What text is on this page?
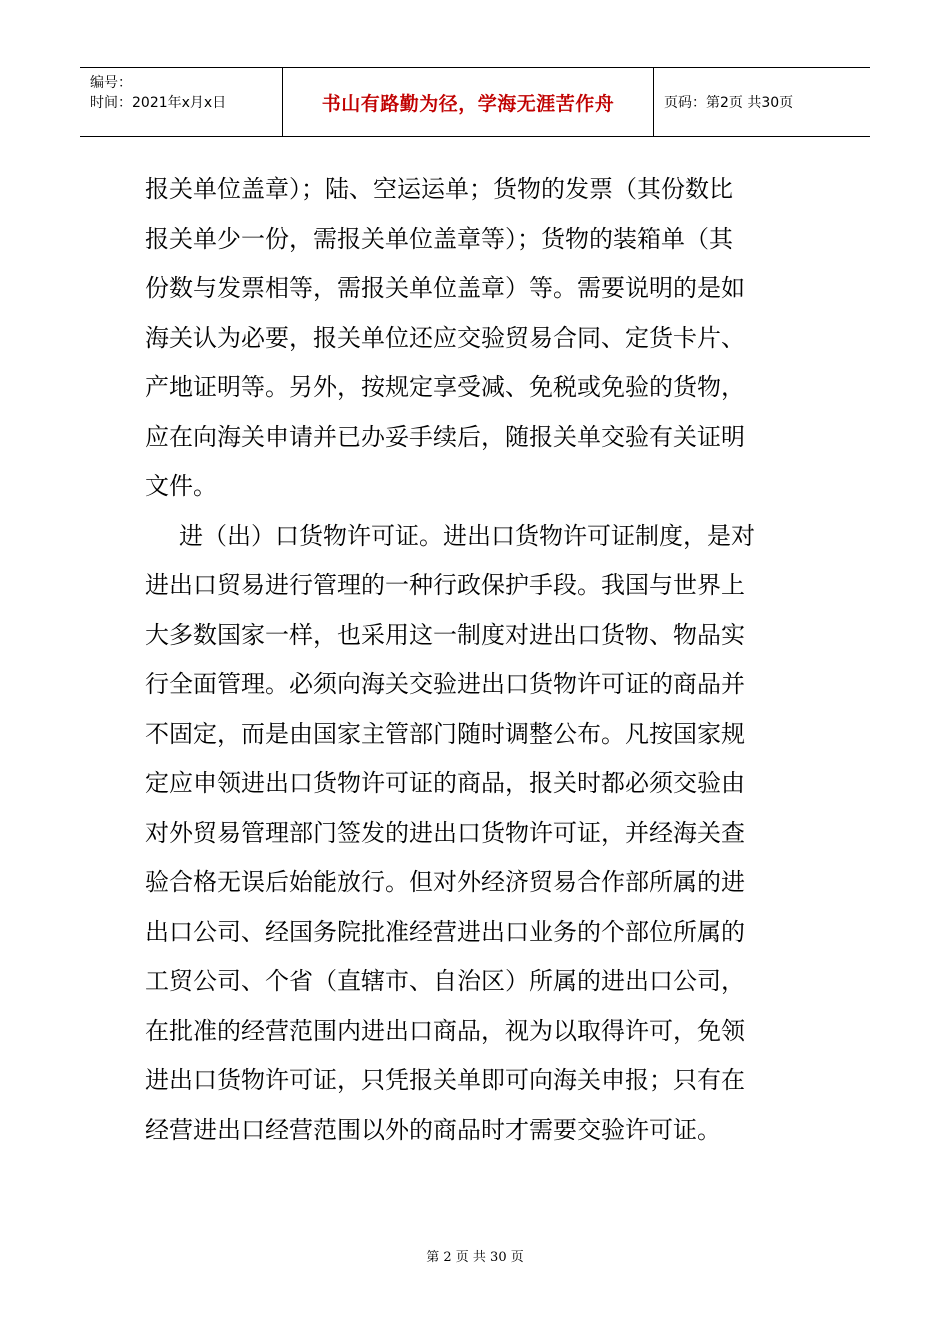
编号：
时间：2021年x月x日	书山有路勤为径，学海无涯苦作舟	页码：第2页 共30页

报关单位盖章）；陆、空运运单；货物的发票（其份数比
报关单少一份，需报关单位盖章等）；货物的装箱单（其
份数与发票相等，需报关单位盖章）等。需要说明的是如
海关认为必要，报关单位还应交验贸易合同、定货卡片、
产地证明等。另外，按规定享受减、免税或免验的货物，
应在向海关申请并已办妥手续后，随报关单交验有关证明
文件。

进（出）口货物许可证。进出口货物许可证制度，是对
进出口贸易进行管理的一种行政保护手段。我国与世界上
大多数国家一样，也采用这一制度对进出口货物、物品实
行全面管理。必须向海关交验进出口货物许可证的商品并
不固定，而是由国家主管部门随时调整公布。凡按国家规
定应申领进出口货物许可证的商品，报关时都必须交验由
对外贸易管理部门签发的进出口货物许可证，并经海关查
验合格无误后始能放行。但对外经济贸易合作部所属的进
出口公司、经国务院批准经营进出口业务的个部位所属的
工贸公司、个省（直辖市、自治区）所属的进出口公司，
在批准的经营范围内进出口商品，视为以取得许可，免领
进出口货物许可证，只凭报关单即可向海关申报；只有在
经营进出口经营范围以外的商品时才需要交验许可证。

第 2 页 共 30 页
